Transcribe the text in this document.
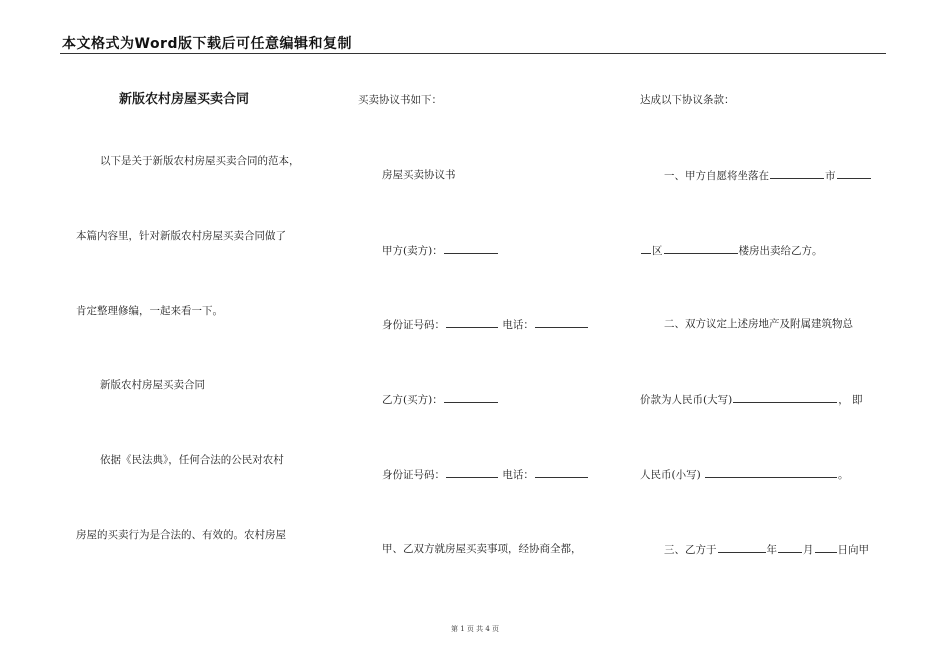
本文格式为Word版下载后可任意编辑和复制
新版农村房屋买卖合同
以下是关于新版农村房屋买卖合同的范本，
本篇内容里，针对新版农村房屋买卖合同做了
肯定整理修编，一起来看一下。
新版农村房屋买卖合同
依据《民法典》，任何合法的公民对农村
房屋的买卖行为是合法的、有效的。农村房屋
买卖协议书如下：
房屋买卖协议书
甲方(卖方)：
身份证号码：	电话：
乙方(买方)：
身份证号码：	电话：
甲、乙双方就房屋买卖事项，经协商全都，
达成以下协议条款：
一、甲方自愿将坐落在	市
区	楼房出卖给乙方。
二、双方议定上述房地产及附属建筑物总
价款为人民币(大写)	， 即
人民币(小写)	。
三、乙方于	年 月 日向甲
第 1 页 共 4 页
